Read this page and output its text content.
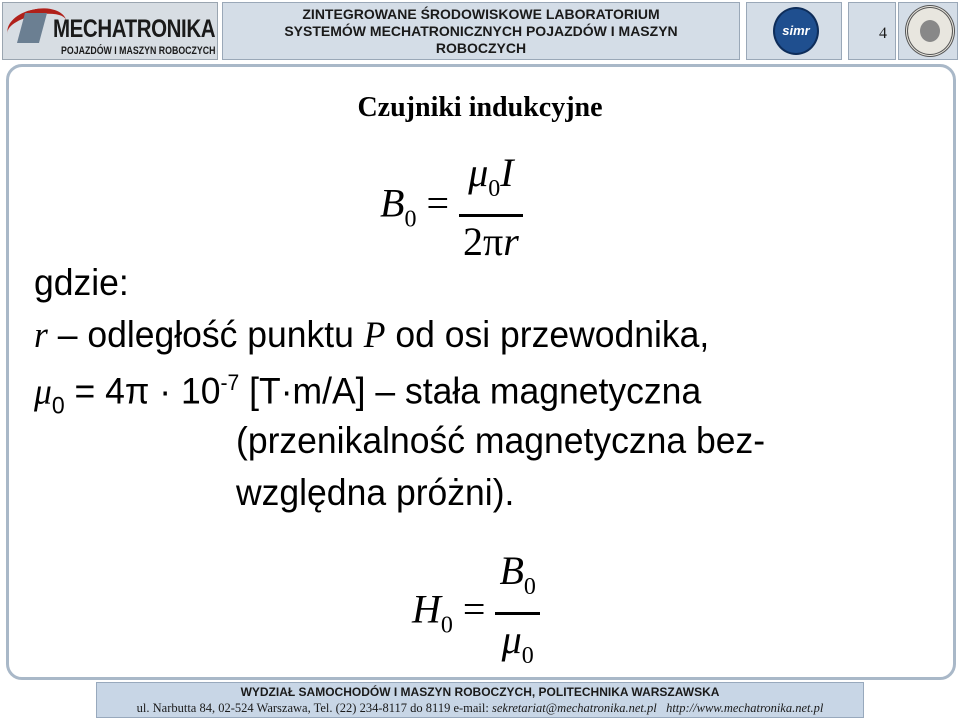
MECHATRONIKA
POJAZDÓW I MASZYN ROBOCZYCH
ZINTEGROWANE ŚRODOWISKOWE LABORATORIUM
SYSTEMÓW MECHATRONICZNYCH POJAZDÓW I MASZYN
ROBOCZYCH
simr	4
Czujniki indukcyjne
$B_0 = \frac{\mu_0I}{2\pi r}$
gdzie:
r – odległość punktu P od osi przewodnika,
$\mu_0 = 4\pi \cdot 10^{-7}$ [T·m/A] – stała magnetyczna
(przenikalność magnetyczna bez-
względna próżni).
$H_0 = \frac{B_0}{\mu_0}$
WYDZIAŁ SAMOCHODÓW I MASZYN ROBOCZYCH, POLITECHNIKA WARSZAWSKA
ul. Narbutta 84, 02-524 Warszawa, Tel. (22) 234-8117 do 8119 e-mail: sekretariat@mechatronika.net.pl http://www.mechatronika.net.pl
